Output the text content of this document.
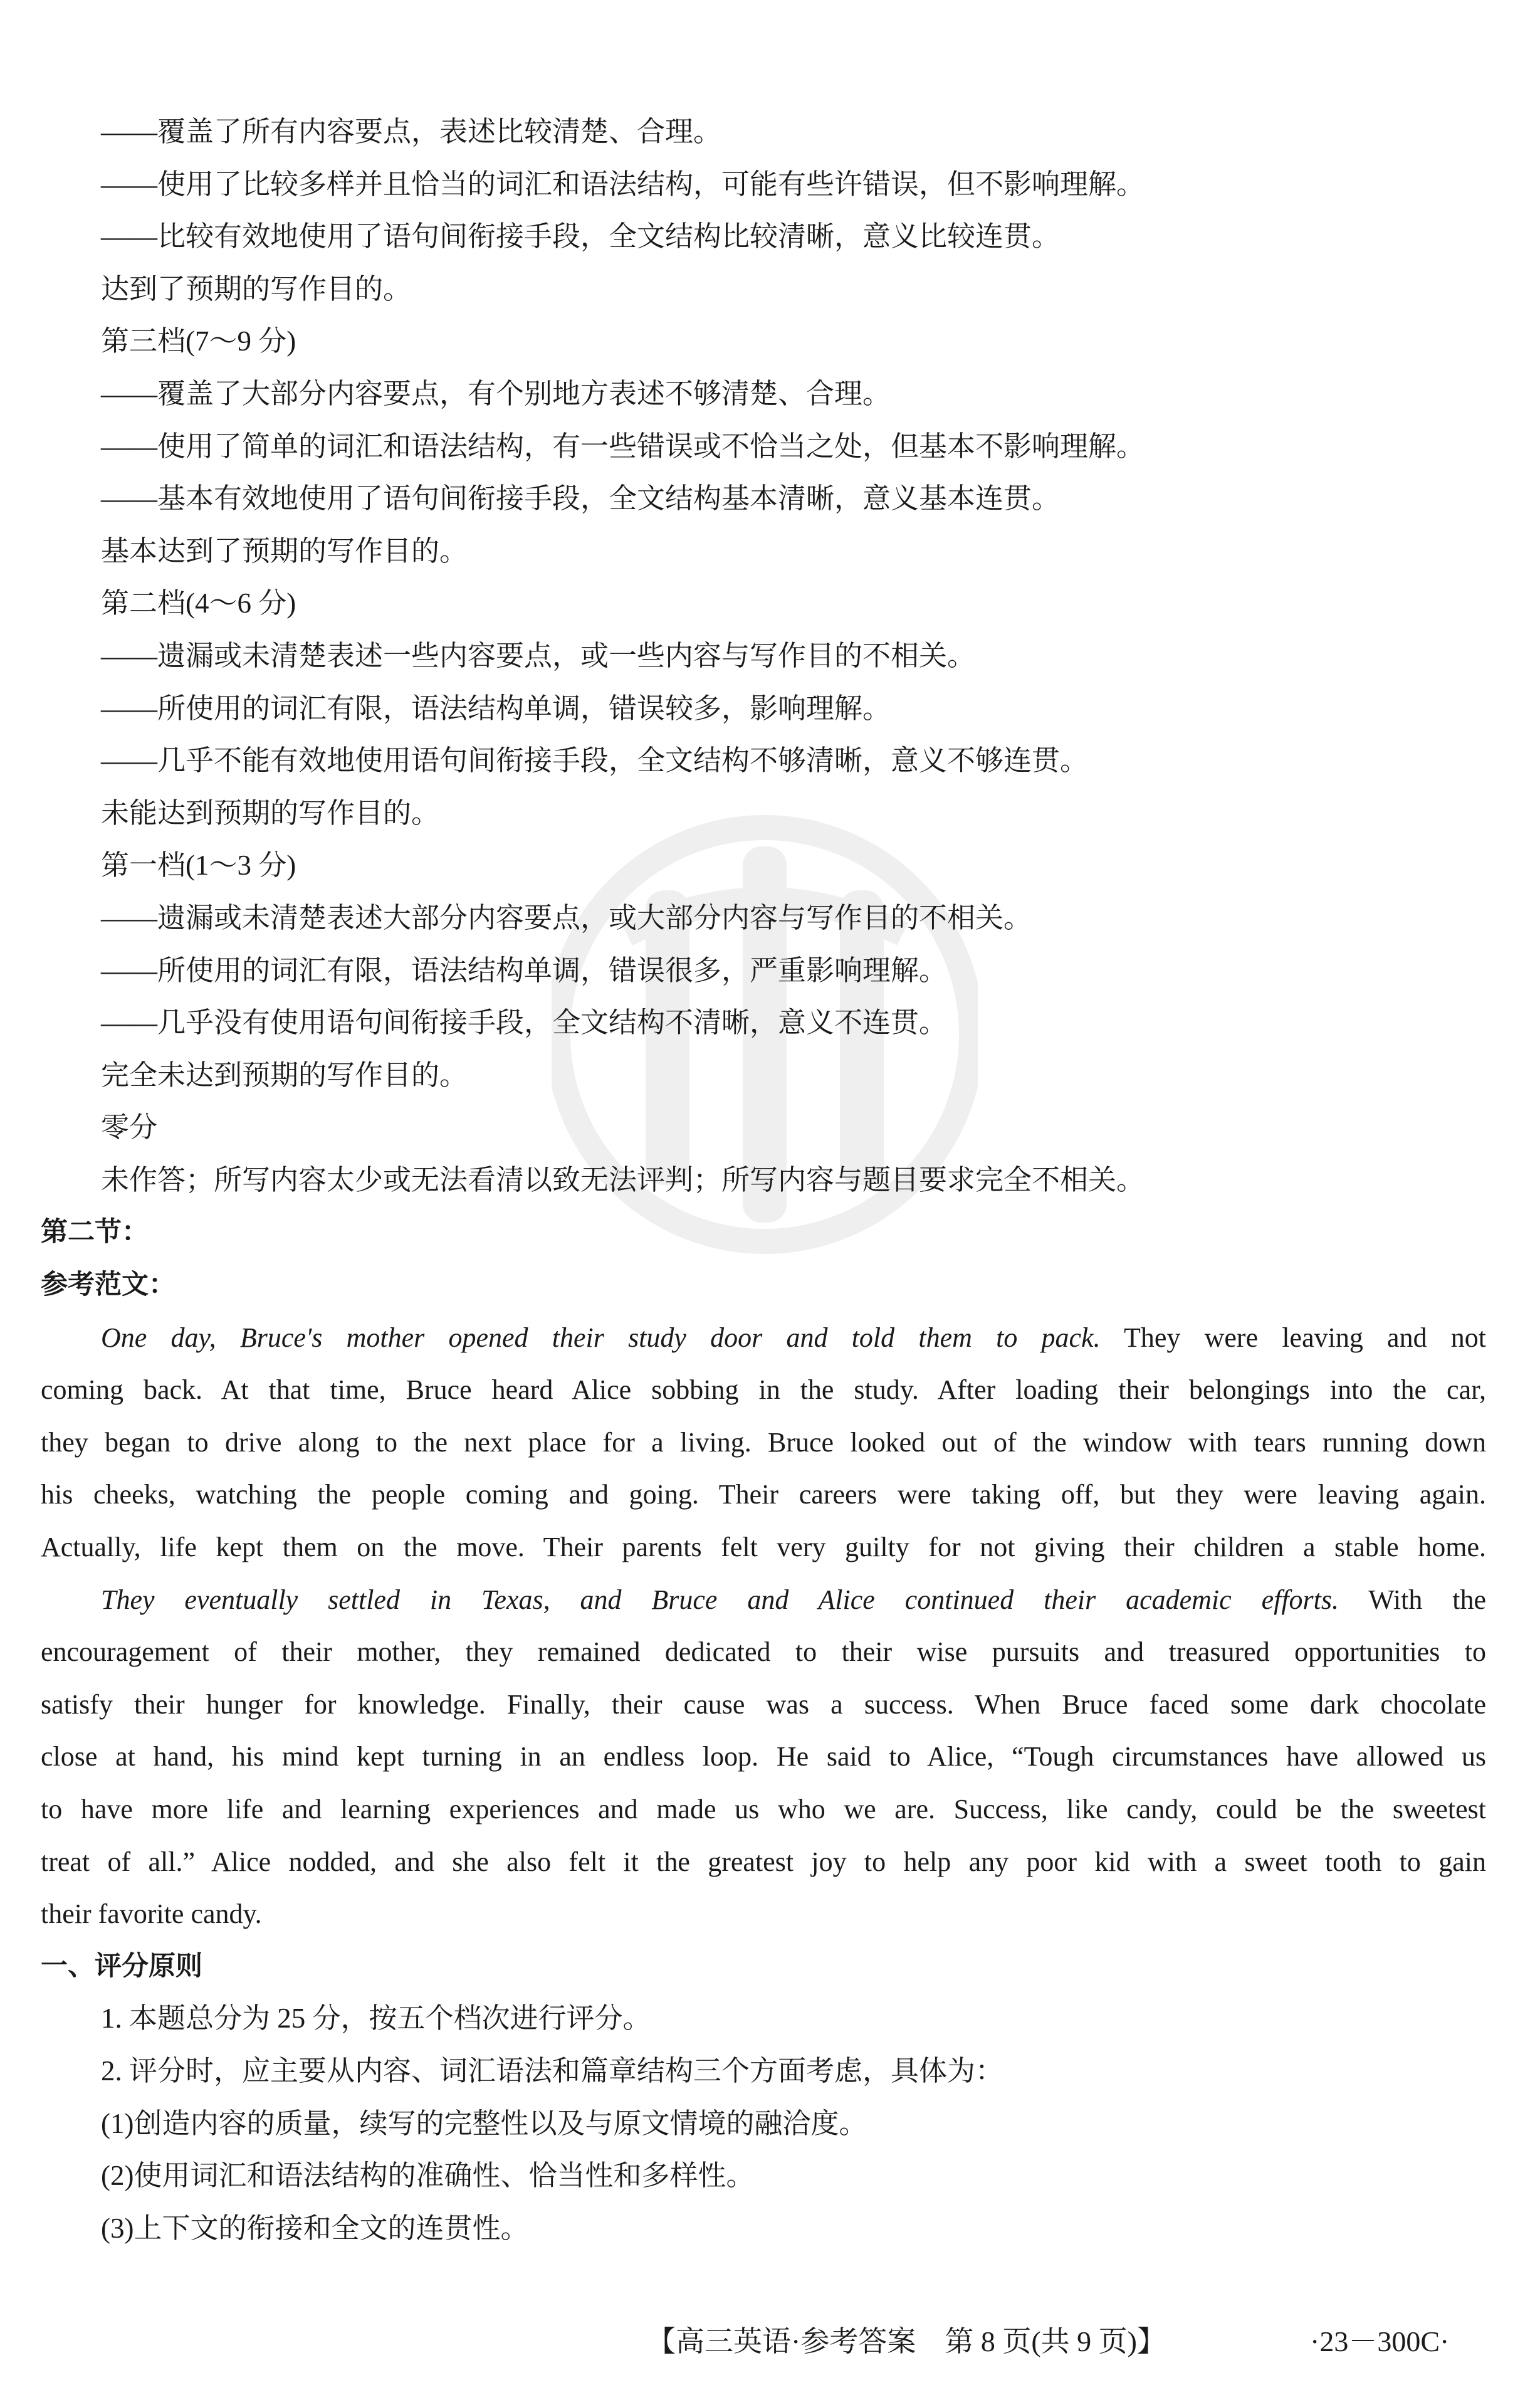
——覆盖了所有内容要点，表述比较清楚、合理。
——使用了比较多样并且恰当的词汇和语法结构，可能有些许错误，但不影响理解。
——比较有效地使用了语句间衔接手段，全文结构比较清晰，意义比较连贯。
达到了预期的写作目的。
第三档(7～9 分)
——覆盖了大部分内容要点，有个别地方表述不够清楚、合理。
——使用了简单的词汇和语法结构，有一些错误或不恰当之处，但基本不影响理解。
——基本有效地使用了语句间衔接手段，全文结构基本清晰，意义基本连贯。
基本达到了预期的写作目的。
第二档(4～6 分)
——遗漏或未清楚表述一些内容要点，或一些内容与写作目的不相关。
——所使用的词汇有限，语法结构单调，错误较多，影响理解。
——几乎不能有效地使用语句间衔接手段，全文结构不够清晰，意义不够连贯。
未能达到预期的写作目的。
第一档(1～3 分)
——遗漏或未清楚表述大部分内容要点，或大部分内容与写作目的不相关。
——所使用的词汇有限，语法结构单调，错误很多，严重影响理解。
——几乎没有使用语句间衔接手段，全文结构不清晰，意义不连贯。
完全未达到预期的写作目的。
零分
未作答；所写内容太少或无法看清以致无法评判；所写内容与题目要求完全不相关。
第二节：
参考范文：
One day, Bruce's mother opened their study door and told them to pack. They were leaving and not
coming back. At that time, Bruce heard Alice sobbing in the study. After loading their belongings into the car,
they began to drive along to the next place for a living. Bruce looked out of the window with tears running down
his cheeks, watching the people coming and going. Their careers were taking off, but they were leaving again.
Actually, life kept them on the move. Their parents felt very guilty for not giving their children a stable home.
They eventually settled in Texas, and Bruce and Alice continued their academic efforts. With the
encouragement of their mother, they remained dedicated to their wise pursuits and treasured opportunities to
satisfy their hunger for knowledge. Finally, their cause was a success. When Bruce faced some dark chocolate
close at hand, his mind kept turning in an endless loop. He said to Alice, “Tough circumstances have allowed us
to have more life and learning experiences and made us who we are. Success, like candy, could be the sweetest
treat of all.” Alice nodded, and she also felt it the greatest joy to help any poor kid with a sweet tooth to gain
their favorite candy.
一、评分原则
1. 本题总分为 25 分，按五个档次进行评分。
2. 评分时，应主要从内容、词汇语法和篇章结构三个方面考虑，具体为：
(1)创造内容的质量，续写的完整性以及与原文情境的融洽度。
(2)使用词汇和语法结构的准确性、恰当性和多样性。
(3)上下文的衔接和全文的连贯性。
【高三英语·参考答案　第 8 页(共 9 页)】	·23－300C·
